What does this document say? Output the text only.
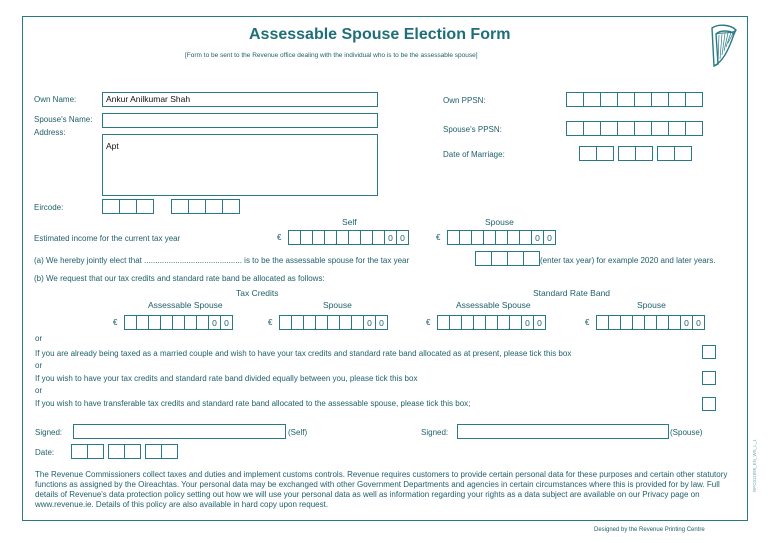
Assessable Spouse Election Form
[Form to be sent to the Revenue office dealing with the individual who is to be the assessable spouse]
Own Name:	Ankur Anilkumar Shah
Spouse's Name:
Address:
Apt
Eircode:
Own PPSN:
Spouse's PPSN:
Date of Marriage:
Self	Spouse
Estimated income for the current tax year	€	,	.	0 0	€	,	0 0
(a) We hereby jointly elect that ............................................ is to be the assessable spouse for the tax year	(enter tax year) for example 2020 and later years.
(b) We request that our tax credits and standard rate band be allocated as follows:
Tax Credits	Standard Rate Band
Assessable Spouse	Spouse	Assessable Spouse	Spouse
€	,	.	0 0	€	,	.	0 0	€	,	.	0 0	€	,	.	0 0
or
If you are already being taxed as a married couple and wish to have your tax credits and standard rate band allocated as at present, please tick this box
or
If you wish to have your tax credits and standard rate band divided equally between you, please tick this box
or
If you wish to have transferable tax credits and standard rate band allocated to the assessable spouse, please tick this box;
Signed:	(Self)	Signed:	(Spouse)
Date:
The Revenue Commissioners collect taxes and duties and implement customs controls. Revenue requires customers to provide certain personal data for these purposes and certain other statutory functions as assigned by the Oireachtas. Your personal data may be exchanged with other Government Departments and agencies in certain circumstances where this is provided for by law. Full details of Revenue's data protection policy setting out how we will use your personal data as well as information regarding your rights as a data subject are available on our Privacy page on www.revenue.ie. Details of this policy are also available in hard copy upon request.
Designed by the Revenue Printing Centre
RPC011898_EN_WS_L_1
